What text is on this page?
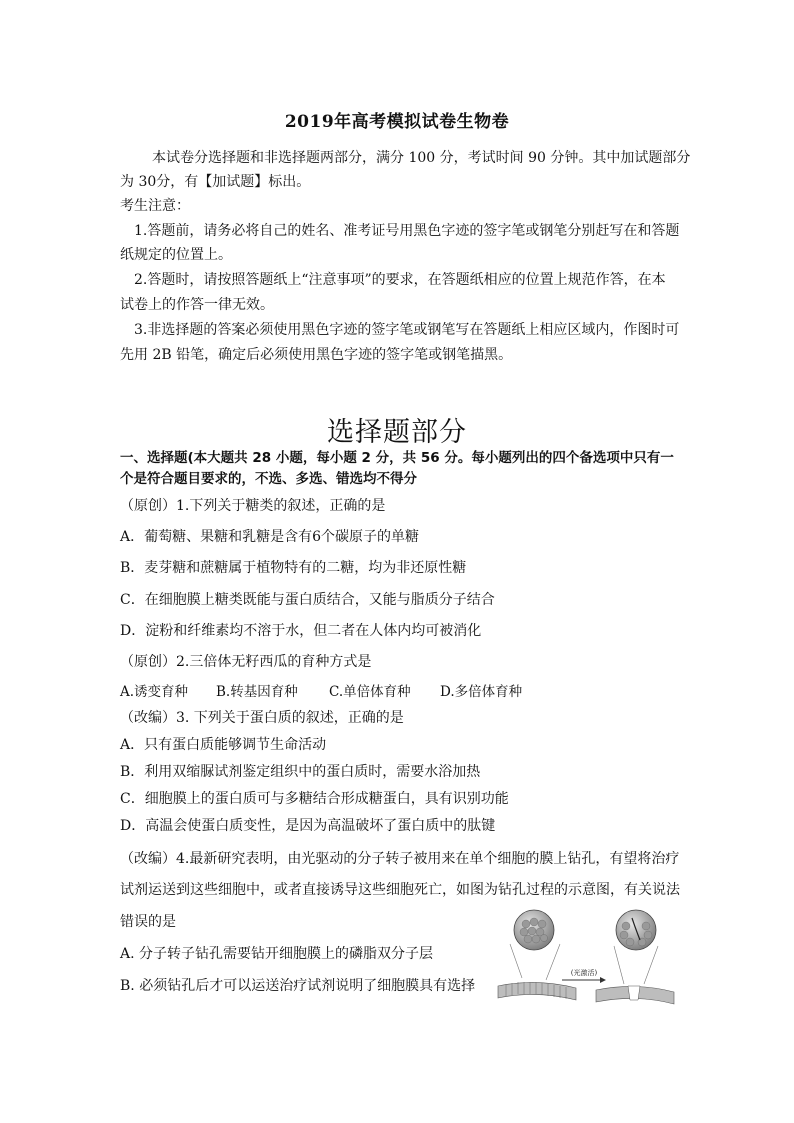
2019年高考模拟试卷生物卷
本试卷分选择题和非选择题两部分，满分 100 分，考试时间 90 分钟。其中加试题部分
为 30分，有【加试题】标出。
考生注意：
1.答题前，请务必将自己的姓名、准考证号用黑色字迹的签字笔或钢笔分别赶写在和答题
纸规定的位置上。
2.答题时，请按照答题纸上“注意事项”的要求，在答题纸相应的位置上规范作答，在本
试卷上的作答一律无效。
3.非选择题的答案必须使用黑色字迹的签字笔或钢笔写在答题纸上相应区域内，作图时可
先用 2B 铅笔，确定后必须使用黑色字迹的签字笔或钢笔描黑。
选择题部分
一、选择题(本大题共 28 小题，每小题 2 分，共 56 分。每小题列出的四个备选项中只有一
个是符合题目要求的，不选、多选、错选均不得分
（原创）1.下列关于糖类的叙述，正确的是
A．葡萄糖、果糖和乳糖是含有6个碳原子的单糖
B．麦芽糖和蔗糖属于植物特有的二糖，均为非还原性糖
C．在细胞膜上糖类既能与蛋白质结合，又能与脂质分子结合
D．淀粉和纤维素均不溶于水，但二者在人体内均可被消化
（原创）2.三倍体无籽西瓜的育种方式是
A.诱变育种 B.转基因育种 C.单倍体育种 D.多倍体育种
（改编）3. 下列关于蛋白质的叙述，正确的是
A．只有蛋白质能够调节生命活动
B．利用双缩脲试剂鉴定组织中的蛋白质时，需要水浴加热
C．细胞膜上的蛋白质可与多糖结合形成糖蛋白，具有识别功能
D．高温会使蛋白质变性，是因为高温破坏了蛋白质中的肽键
（改编）4.最新研究表明，由光驱动的分子转子被用来在单个细胞的膜上钻孔，有望将治疗
试剂运送到这些细胞中，或者直接诱导这些细胞死亡，如图为钻孔过程的示意图，有关说法
错误的是
A. 分子转子钻孔需要钻开细胞膜上的磷脂双分子层
B. 必须钻孔后才可以运送治疗试剂说明了细胞膜具有选择
(光激活)
